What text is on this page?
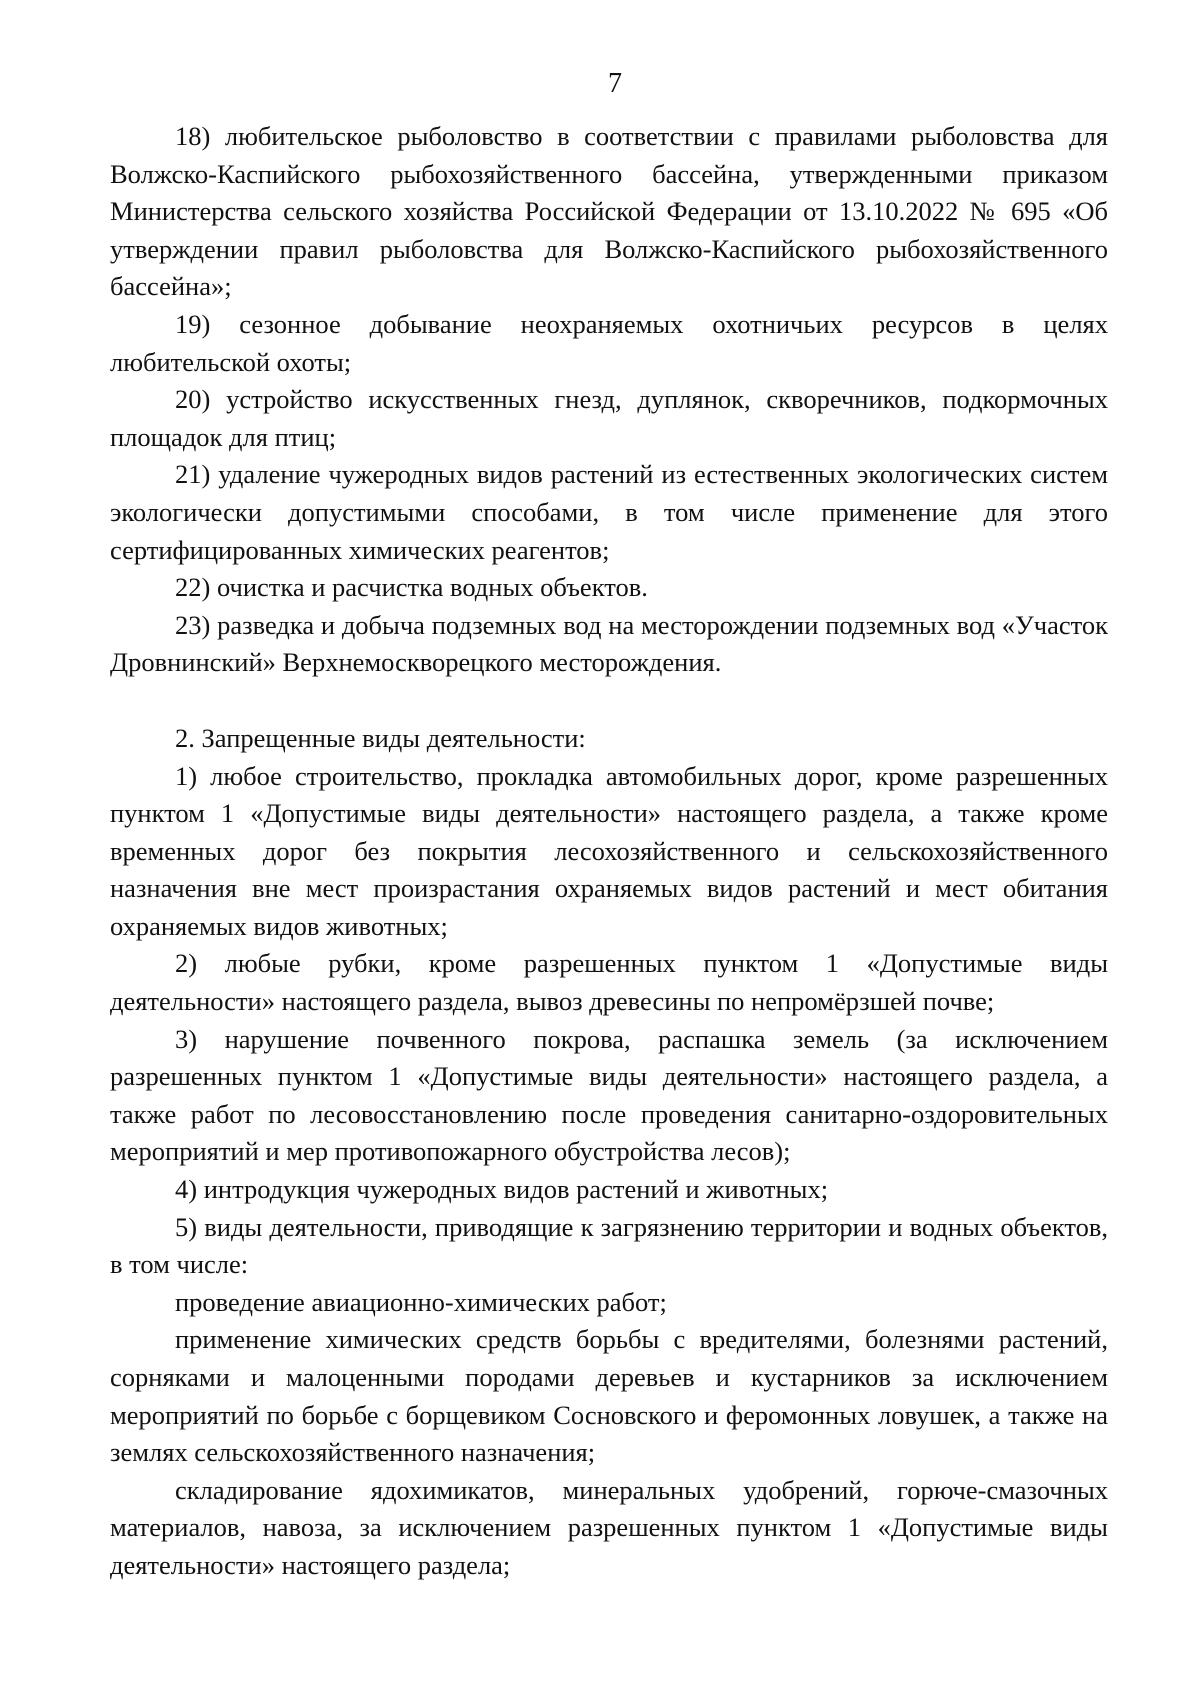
7

18) любительское рыболовство в соответствии с правилами рыболовства для Волжско-Каспийского рыбохозяйственного бассейна, утвержденными приказом Министерства сельского хозяйства Российской Федерации от 13.10.2022 № 695 «Об утверждении правил рыболовства для Волжско-Каспийского рыбохозяйственного бассейна»;

19) сезонное добывание неохраняемых охотничьих ресурсов в целях любительской охоты;

20) устройство искусственных гнезд, дуплянок, скворечников, подкормочных площадок для птиц;

21) удаление чужеродных видов растений из естественных экологических систем экологически допустимыми способами, в том числе применение для этого сертифицированных химических реагентов;

22) очистка и расчистка водных объектов.

23) разведка и добыча подземных вод на месторождении подземных вод «Участок Дровнинский» Верхнемоскворецкого месторождения.

2. Запрещенные виды деятельности:

1) любое строительство, прокладка автомобильных дорог, кроме разрешенных пунктом 1 «Допустимые виды деятельности» настоящего раздела, а также кроме временных дорог без покрытия лесохозяйственного и сельскохозяйственного назначения вне мест произрастания охраняемых видов растений и мест обитания охраняемых видов животных;

2) любые рубки, кроме разрешенных пунктом 1 «Допустимые виды деятельности» настоящего раздела, вывоз древесины по непромёрзшей почве;

3) нарушение почвенного покрова, распашка земель (за исключением разрешенных пунктом 1 «Допустимые виды деятельности» настоящего раздела, а также работ по лесовосстановлению после проведения санитарно-оздоровительных мероприятий и мер противопожарного обустройства лесов);

4) интродукция чужеродных видов растений и животных;

5) виды деятельности, приводящие к загрязнению территории и водных объектов, в том числе:

проведение авиационно-химических работ;

применение химических средств борьбы с вредителями, болезнями растений, сорняками и малоценными породами деревьев и кустарников за исключением мероприятий по борьбе с борщевиком Сосновского и феромонных ловушек, а также на землях сельскохозяйственного назначения;

складирование ядохимикатов, минеральных удобрений, горюче-смазочных материалов, навоза, за исключением разрешенных пунктом 1 «Допустимые виды деятельности» настоящего раздела;
